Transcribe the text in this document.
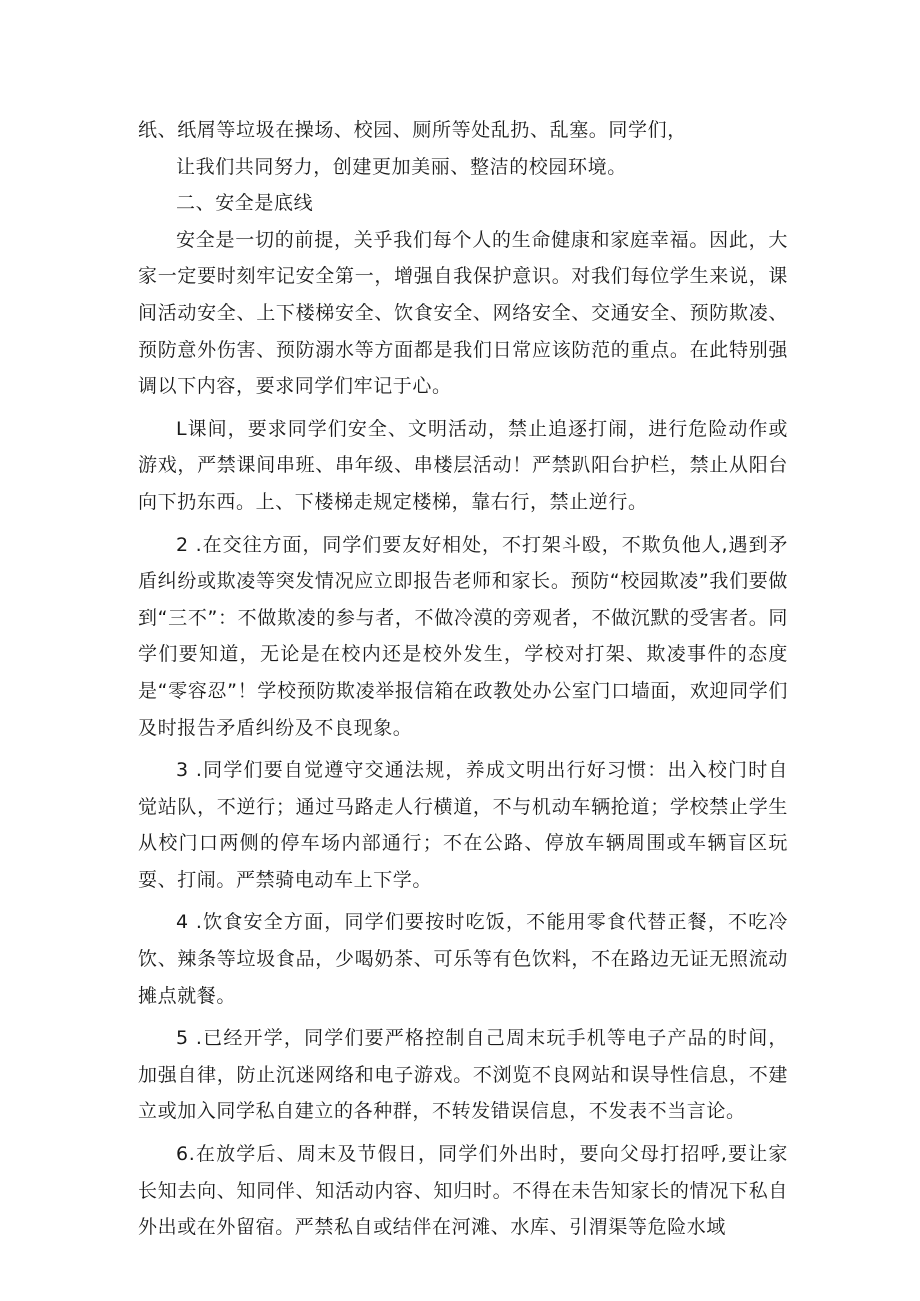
纸、纸屑等垃圾在操场、校园、厕所等处乱扔、乱塞。同学们，

让我们共同努力，创建更加美丽、整洁的校园环境。

二、安全是底线

安全是一切的前提，关乎我们每个人的生命健康和家庭幸福。因此，大家一定要时刻牢记安全第一，增强自我保护意识。对我们每位学生来说，课间活动安全、上下楼梯安全、饮食安全、网络安全、交通安全、预防欺凌、预防意外伤害、预防溺水等方面都是我们日常应该防范的重点。在此特别强调以下内容，要求同学们牢记于心。

L课间，要求同学们安全、文明活动，禁止追逐打闹，进行危险动作或游戏，严禁课间串班、串年级、串楼层活动！严禁趴阳台护栏，禁止从阳台向下扔东西。上、下楼梯走规定楼梯，靠右行，禁止逆行。

2 .在交往方面，同学们要友好相处，不打架斗殴，不欺负他人,遇到矛盾纠纷或欺凌等突发情况应立即报告老师和家长。预防“校园欺凌”我们要做到“三不”：不做欺凌的参与者，不做冷漠的旁观者，不做沉默的受害者。同学们要知道，无论是在校内还是校外发生，学校对打架、欺凌事件的态度是“零容忍”！学校预防欺凌举报信箱在政教处办公室门口墙面，欢迎同学们及时报告矛盾纠纷及不良现象。

3 .同学们要自觉遵守交通法规，养成文明出行好习惯：出入校门时自觉站队，不逆行；通过马路走人行横道，不与机动车辆抢道；学校禁止学生从校门口两侧的停车场内部通行；不在公路、停放车辆周围或车辆盲区玩耍、打闹。严禁骑电动车上下学。

4 .饮食安全方面，同学们要按时吃饭，不能用零食代替正餐，不吃冷饮、辣条等垃圾食品，少喝奶茶、可乐等有色饮料，不在路边无证无照流动摊点就餐。

5 .已经开学，同学们要严格控制自己周末玩手机等电子产品的时间，加强自律，防止沉迷网络和电子游戏。不浏览不良网站和误导性信息，不建立或加入同学私自建立的各种群，不转发错误信息，不发表不当言论。

6.在放学后、周末及节假日，同学们外出时，要向父母打招呼,要让家长知去向、知同伴、知活动内容、知归时。不得在未告知家长的情况下私自外出或在外留宿。严禁私自或结伴在河滩、水库、引渭渠等危险水域
